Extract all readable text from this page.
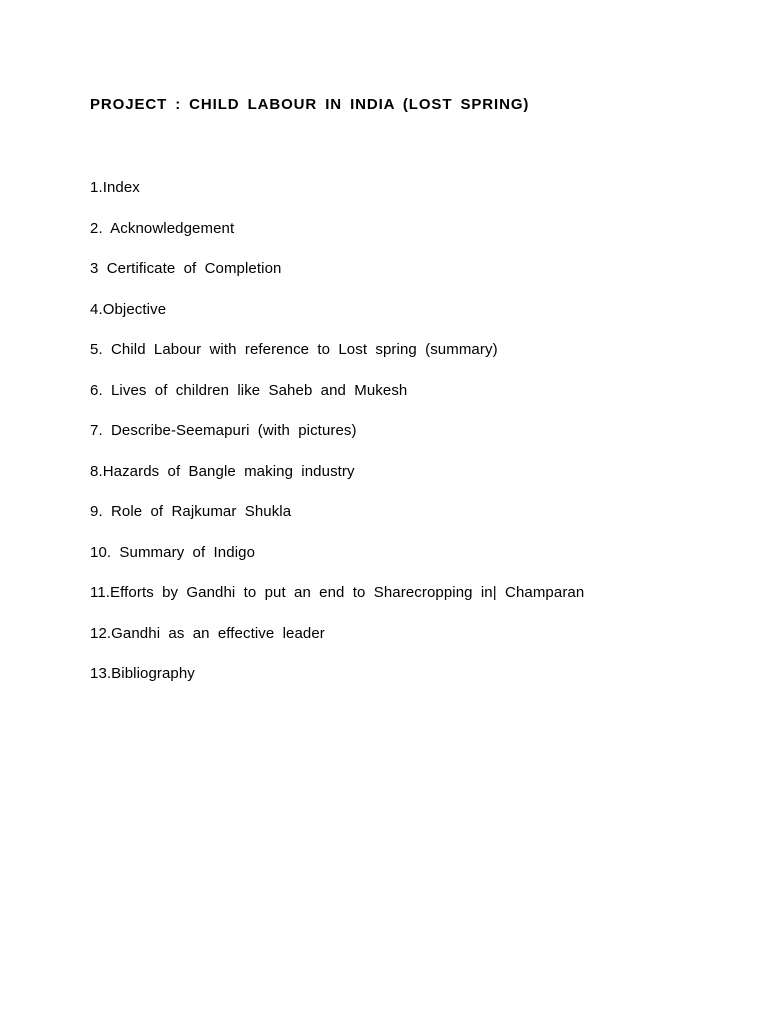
PROJECT : CHILD LABOUR IN INDIA (LOST SPRING)
1.Index
2. Acknowledgement
3 Certificate of Completion
4.Objective
5. Child Labour with reference to Lost spring (summary)
6. Lives of children like Saheb and Mukesh
7. Describe-Seemapuri (with pictures)
8.Hazards of Bangle making industry
9. Role of Rajkumar Shukla
10. Summary of Indigo
11.Efforts by Gandhi to put an end to Sharecropping in| Champaran
12.Gandhi as an effective leader
13.Bibliography
